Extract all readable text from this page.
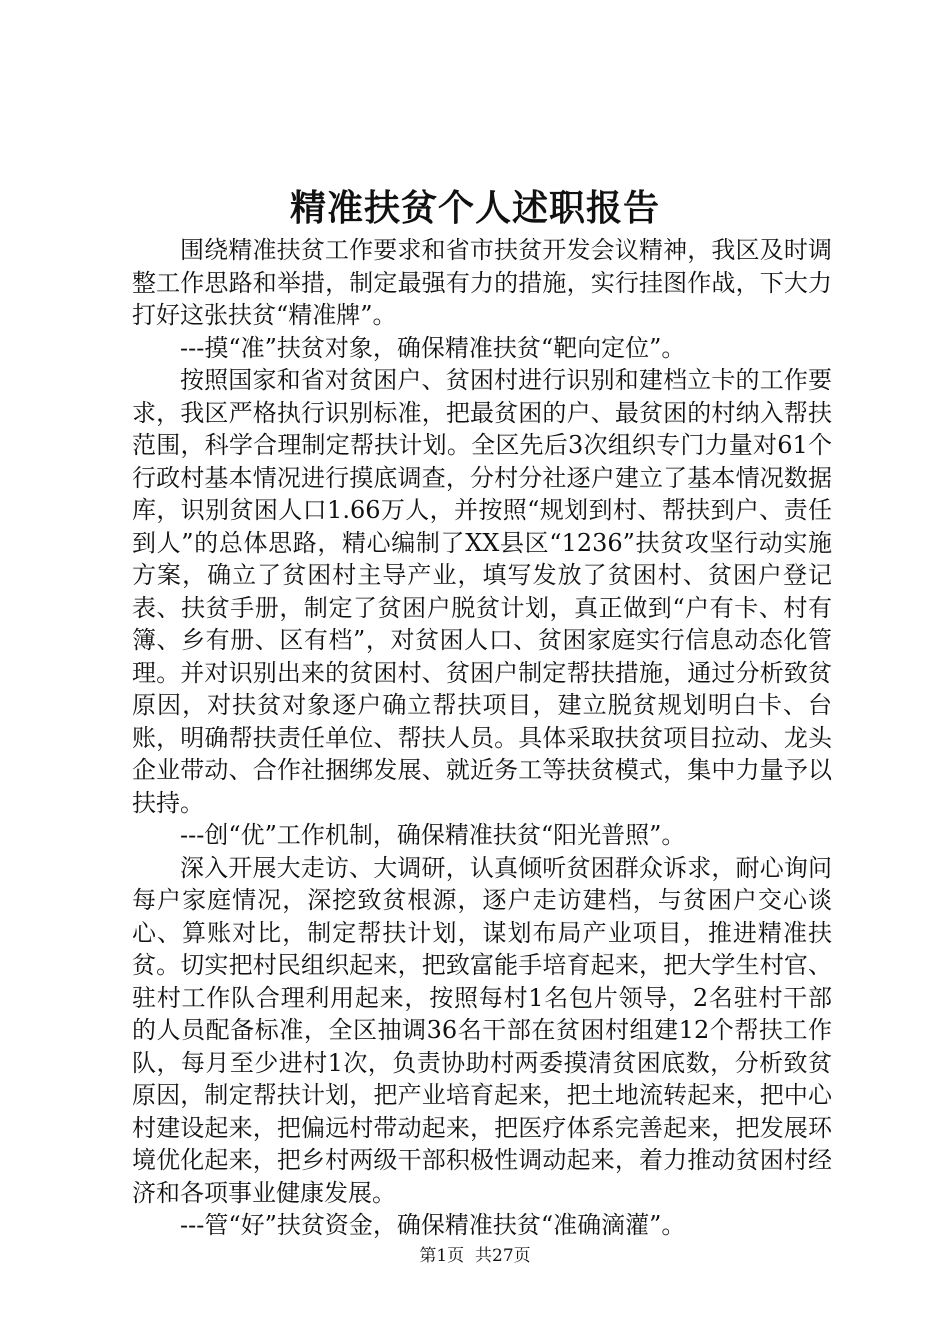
精准扶贫个人述职报告

围绕精准扶贫工作要求和省市扶贫开发会议精神，我区及时调整工作思路和举措，制定最强有力的措施，实行挂图作战，下大力打好这张扶贫“精准牌”。

---摸“准”扶贫对象，确保精准扶贫“靶向定位”。

按照国家和省对贫困户、贫困村进行识别和建档立卡的工作要求，我区严格执行识别标准，把最贫困的户、最贫困的村纳入帮扶范围，科学合理制定帮扶计划。全区先后3次组织专门力量对61个行政村基本情况进行摸底调查，分村分社逐户建立了基本情况数据库，识别贫困人口1.66万人，并按照“规划到村、帮扶到户、责任到人”的总体思路，精心编制了XX县区“1236”扶贫攻坚行动实施方案，确立了贫困村主导产业，填写发放了贫困村、贫困户登记表、扶贫手册，制定了贫困户脱贫计划，真正做到“户有卡、村有簿、乡有册、区有档”，对贫困人口、贫困家庭实行信息动态化管理。并对识别出来的贫困村、贫困户制定帮扶措施，通过分析致贫原因，对扶贫对象逐户确立帮扶项目，建立脱贫规划明白卡、台账，明确帮扶责任单位、帮扶人员。具体采取扶贫项目拉动、龙头企业带动、合作社捆绑发展、就近务工等扶贫模式，集中力量予以扶持。

---创“优”工作机制，确保精准扶贫“阳光普照”。

深入开展大走访、大调研，认真倾听贫困群众诉求，耐心询问每户家庭情况，深挖致贫根源，逐户走访建档，与贫困户交心谈心、算账对比，制定帮扶计划，谋划布局产业项目，推进精准扶贫。切实把村民组织起来，把致富能手培育起来，把大学生村官、驻村工作队合理利用起来，按照每村1名包片领导，2名驻村干部的人员配备标准，全区抽调36名干部在贫困村组建12个帮扶工作队，每月至少进村1次，负责协助村两委摸清贫困底数，分析致贫原因，制定帮扶计划，把产业培育起来，把土地流转起来，把中心村建设起来，把偏远村带动起来，把医疗体系完善起来，把发展环境优化起来，把乡村两级干部积极性调动起来，着力推动贫困村经济和各项事业健康发展。

---管“好”扶贫资金，确保精准扶贫“准确滴灌”。

第1页 共27页
